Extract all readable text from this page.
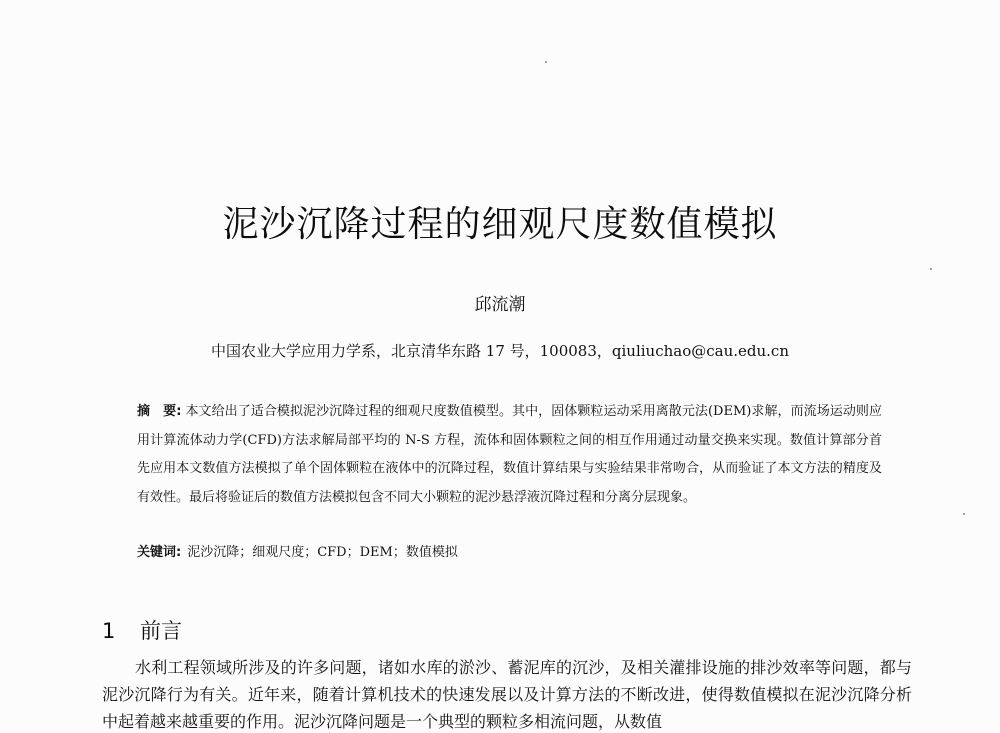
泥沙沉降过程的细观尺度数值模拟
邱流潮
中国农业大学应用力学系，北京清华东路 17 号，100083，qiuliuchao@cau.edu.cn
摘　要: 本文给出了适合模拟泥沙沉降过程的细观尺度数值模型。其中，固体颗粒运动采用离散元法(DEM)求解，而流场运动则应用计算流体动力学(CFD)方法求解局部平均的 N-S 方程，流体和固体颗粒之间的相互作用通过动量交换来实现。数值计算部分首先应用本文数值方法模拟了单个固体颗粒在液体中的沉降过程，数值计算结果与实验结果非常吻合，从而验证了本文方法的精度及有效性。最后将验证后的数值方法模拟包含不同大小颗粒的泥沙悬浮液沉降过程和分离分层现象。
关键词: 泥沙沉降；细观尺度；CFD；DEM；数值模拟
1 前言
水利工程领域所涉及的许多问题，诸如水库的淤沙、蓄泥库的沉沙，及相关灌排设施的排沙效率等问题，都与泥沙沉降行为有关。近年来，随着计算机技术的快速发展以及计算方法的不断改进，使得数值模拟在泥沙沉降分析中起着越来越重要的作用。泥沙沉降问题是一个典型的颗粒多相流问题，从数值
